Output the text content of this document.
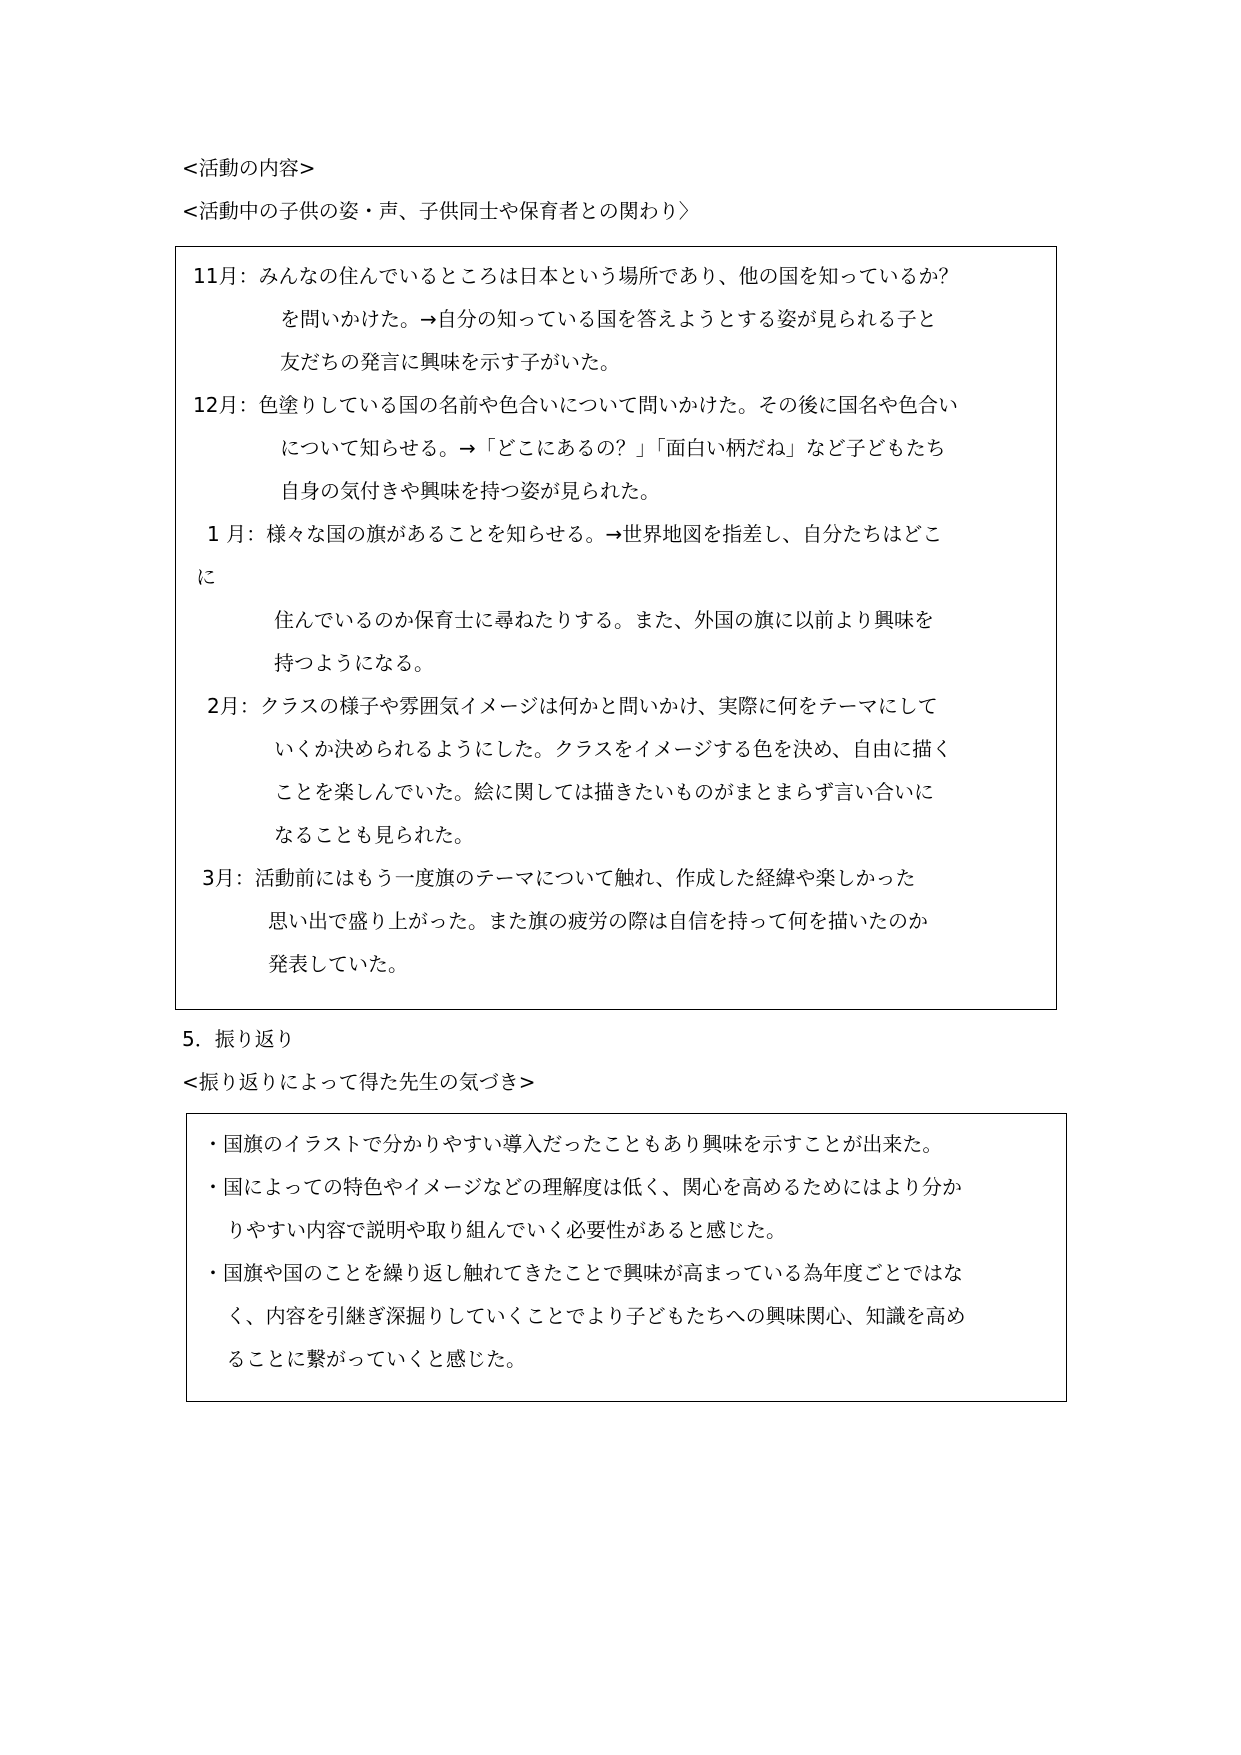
<活動の内容>
<活動中の子供の姿・声、子供同士や保育者との関わり〉
11月：みんなの住んでいるところは日本という場所であり、他の国を知っているか？
を問いかけた。→自分の知っている国を答えようとする姿が見られる子と
友だちの発言に興味を示す子がいた。
12月：色塗りしている国の名前や色合いについて問いかけた。その後に国名や色合い
について知らせる。→「どこにあるの？」「面白い柄だね」など子どもたち
自身の気付きや興味を持つ姿が見られた。
1 月：様々な国の旗があることを知らせる。→世界地図を指差し、自分たちはどこ
に
住んでいるのか保育士に尋ねたりする。また、外国の旗に以前より興味を
持つようになる。
2月：クラスの様子や雰囲気イメージは何かと問いかけ、実際に何をテーマにして
いくか決められるようにした。クラスをイメージする色を決め、自由に描く
ことを楽しんでいた。絵に関しては描きたいものがまとまらず言い合いに
なることも見られた。
3月：活動前にはもう一度旗のテーマについて触れ、作成した経緯や楽しかった
思い出で盛り上がった。また旗の疲労の際は自信を持って何を描いたのか
発表していた。
5．振り返り
<振り返りによって得た先生の気づき>
・国旗のイラストで分かりやすい導入だったこともあり興味を示すことが出来た。
・国によっての特色やイメージなどの理解度は低く、関心を高めるためにはより分か
りやすい内容で説明や取り組んでいく必要性があると感じた。
・国旗や国のことを繰り返し触れてきたことで興味が高まっている為年度ごとではな
く、内容を引継ぎ深掘りしていくことでより子どもたちへの興味関心、知識を高め
ることに繋がっていくと感じた。
